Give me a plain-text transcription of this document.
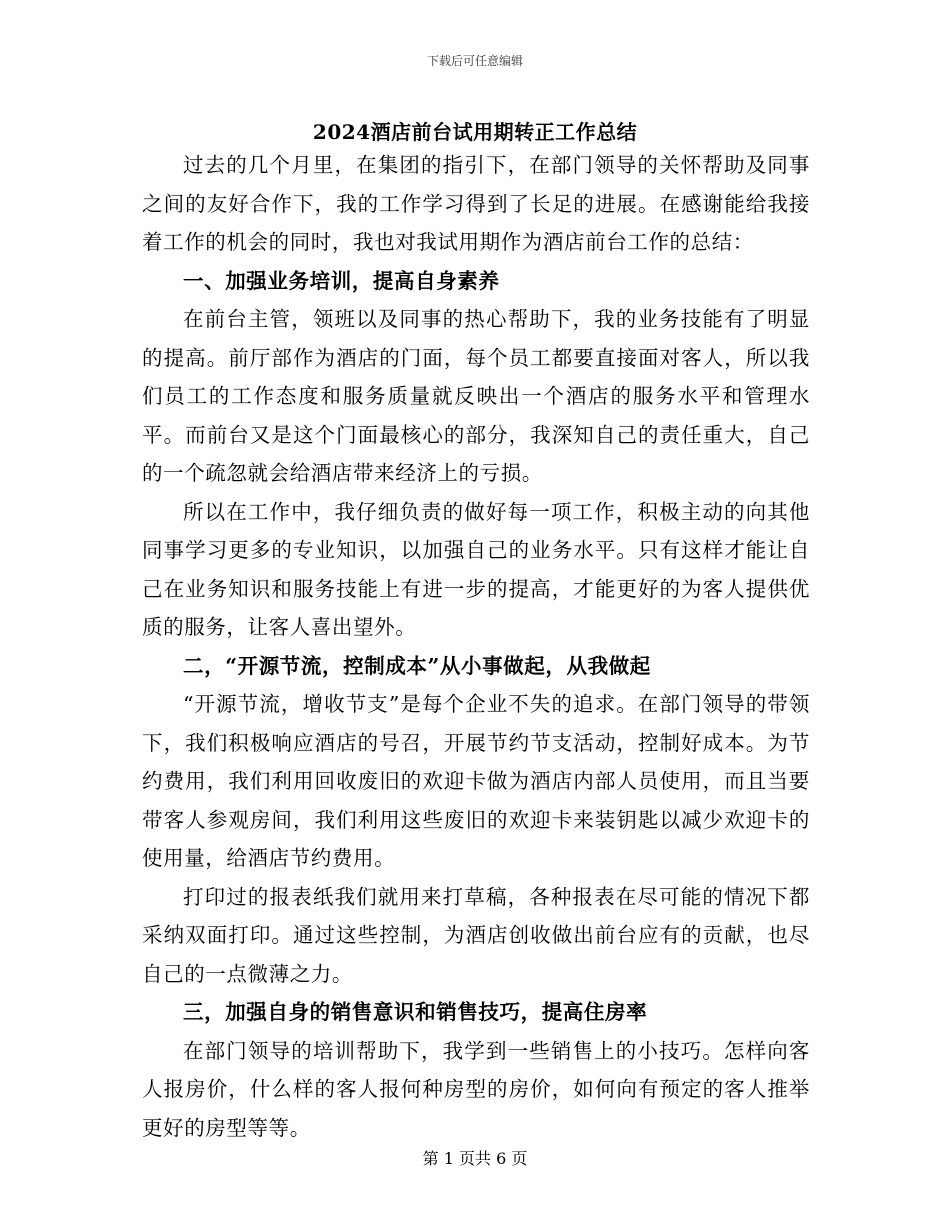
下载后可任意编辑
2024酒店前台试用期转正工作总结

过去的几个月里，在集团的指引下，在部门领导的关怀帮助及同事之间的友好合作下，我的工作学习得到了长足的进展。在感谢能给我接着工作的机会的同时，我也对我试用期作为酒店前台工作的总结：

一、加强业务培训，提高自身素养

在前台主管，领班以及同事的热心帮助下，我的业务技能有了明显的提高。前厅部作为酒店的门面，每个员工都要直接面对客人，所以我们员工的工作态度和服务质量就反映出一个酒店的服务水平和管理水平。而前台又是这个门面最核心的部分，我深知自己的责任重大，自己的一个疏忽就会给酒店带来经济上的亏损。

所以在工作中，我仔细负责的做好每一项工作，积极主动的向其他同事学习更多的专业知识，以加强自己的业务水平。只有这样才能让自己在业务知识和服务技能上有进一步的提高，才能更好的为客人提供优质的服务，让客人喜出望外。

二，“开源节流，控制成本”从小事做起，从我做起

“开源节流，增收节支”是每个企业不失的追求。在部门领导的带领下，我们积极响应酒店的号召，开展节约节支活动，控制好成本。为节约费用，我们利用回收废旧的欢迎卡做为酒店内部人员使用，而且当要带客人参观房间，我们利用这些废旧的欢迎卡来装钥匙以减少欢迎卡的使用量，给酒店节约费用。

打印过的报表纸我们就用来打草稿，各种报表在尽可能的情况下都采纳双面打印。通过这些控制，为酒店创收做出前台应有的贡献，也尽自己的一点微薄之力。

三，加强自身的销售意识和销售技巧，提高住房率

在部门领导的培训帮助下，我学到一些销售上的小技巧。怎样向客人报房价，什么样的客人报何种房型的房价，如何向有预定的客人推举更好的房型等等。

第 1 页共 6 页
